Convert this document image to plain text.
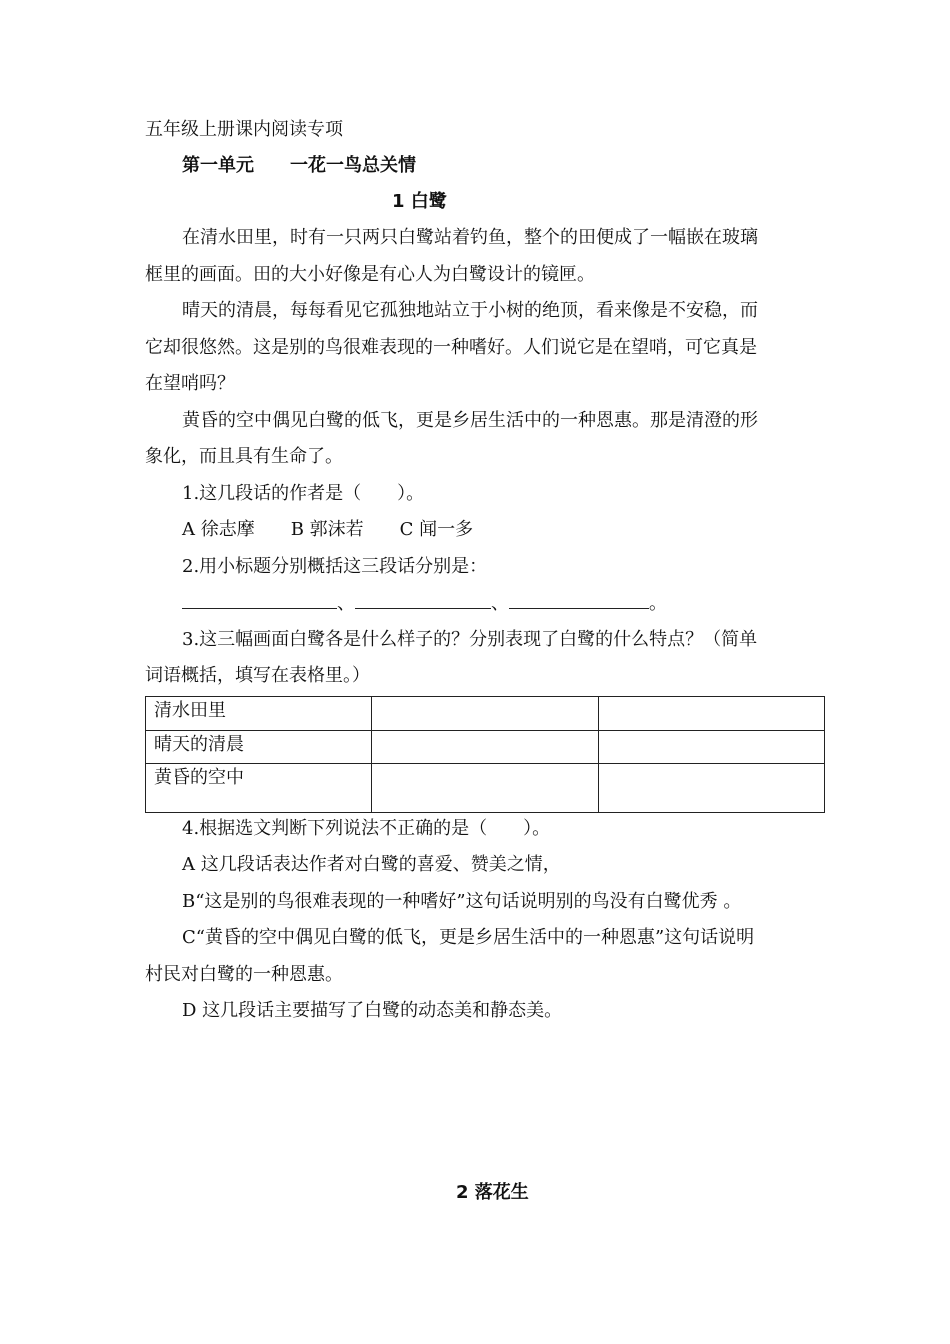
五年级上册课内阅读专项
第一单元 一花一鸟总关情
1 白鹭
在清水田里，时有一只两只白鹭站着钓鱼，整个的田便成了一幅嵌在玻璃
框里的画面。田的大小好像是有心人为白鹭设计的镜匣。
晴天的清晨，每每看见它孤独地站立于小树的绝顶，看来像是不安稳，而
它却很悠然。这是别的鸟很难表现的一种嗜好。人们说它是在望哨，可它真是
在望哨吗？
黄昏的空中偶见白鹭的低飞，更是乡居生活中的一种恩惠。那是清澄的形
象化，而且具有生命了。
1.这几段话的作者是（　　）。
A 徐志摩　　B 郭沫若　　C 闻一多
2.用小标题分别概括这三段话分别是：
、	、	。
3.这三幅画面白鹭各是什么样子的？分别表现了白鹭的什么特点？（简单
词语概括，填写在表格里。）
清水田里		
晴天的清晨		
黄昏的空中		
4.根据选文判断下列说法不正确的是（　　）。
A 这几段话表达作者对白鹭的喜爱、赞美之情，
B“这是别的鸟很难表现的一种嗜好”这句话说明别的鸟没有白鹭优秀 。
C“黄昏的空中偶见白鹭的低飞，更是乡居生活中的一种恩惠”这句话说明
村民对白鹭的一种恩惠。
D 这几段话主要描写了白鹭的动态美和静态美。
2 落花生
